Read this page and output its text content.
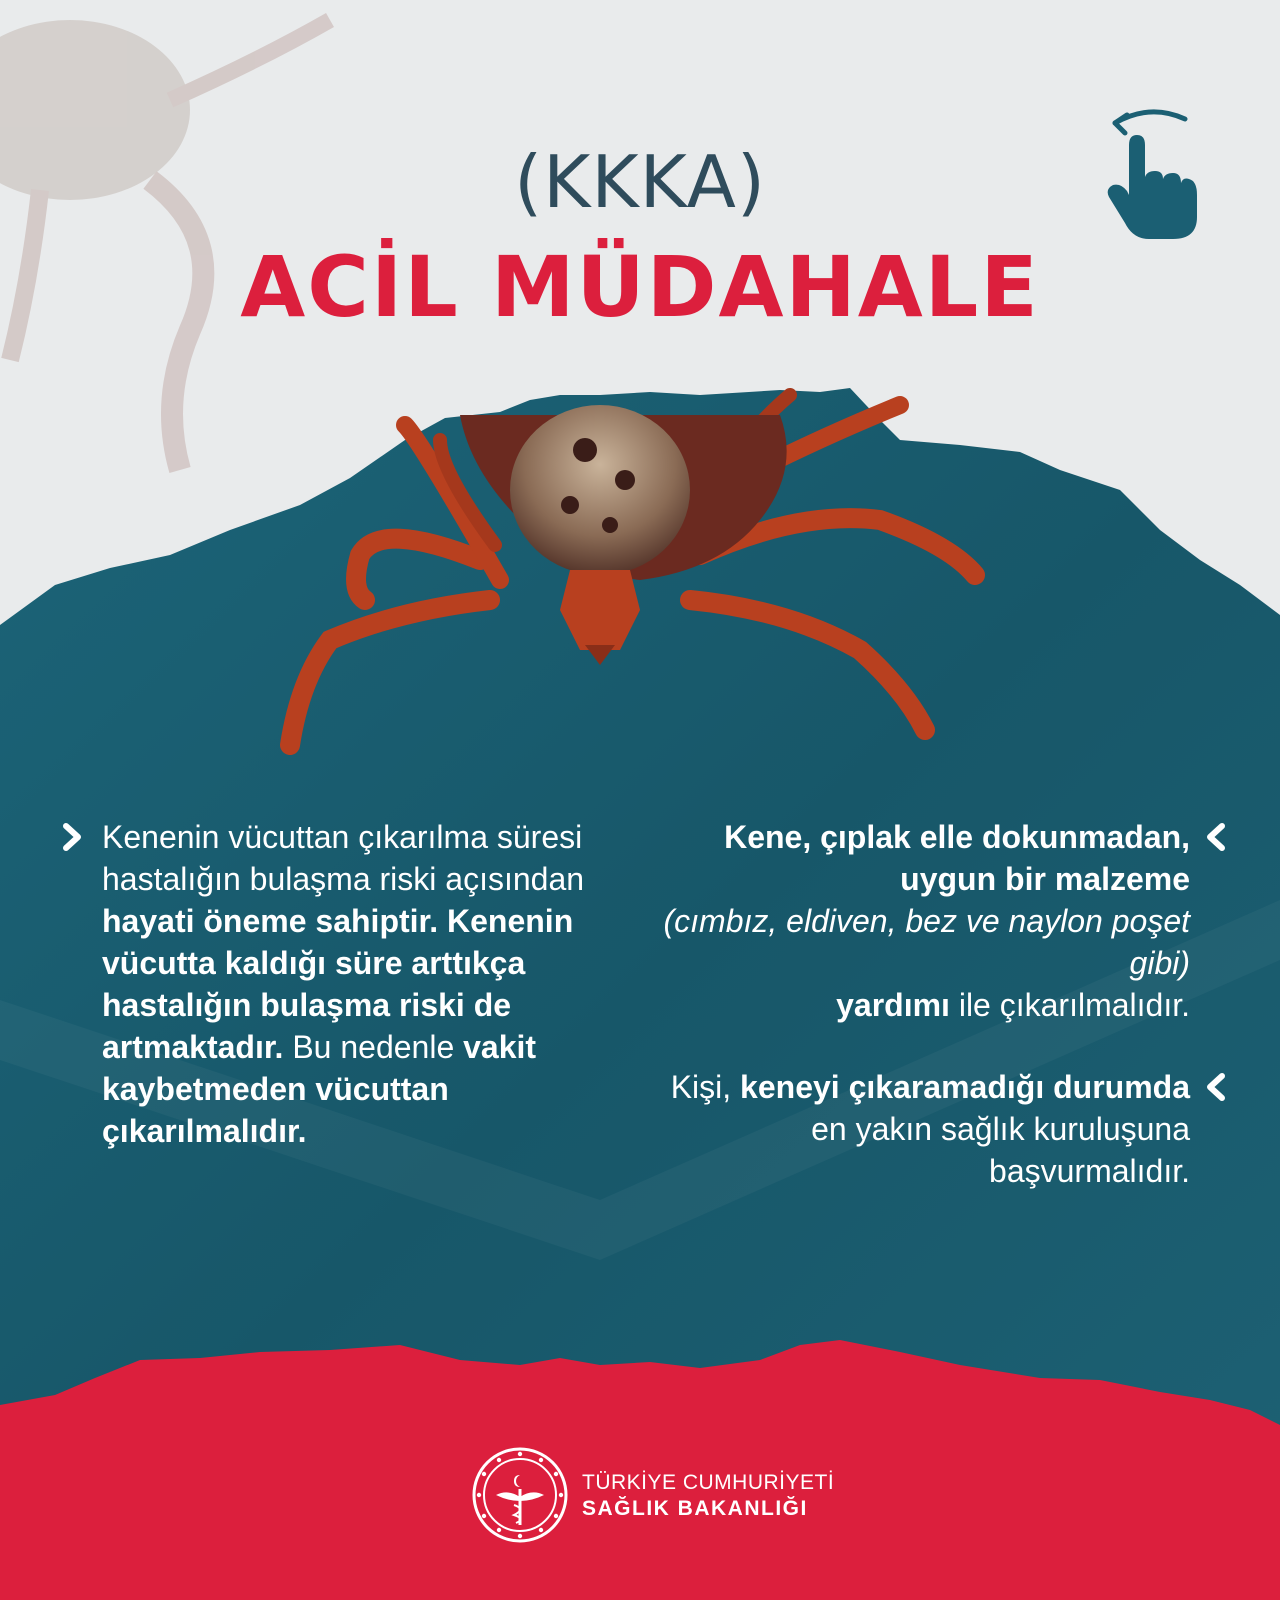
(KKKA)
ACİL MÜDAHALE
Kenenin vücuttan çıkarılma süresi hastalığın bulaşma riski açısından hayati öneme sahiptir. Kenenin vücutta kaldığı süre arttıkça hastalığın bulaşma riski de artmaktadır. Bu nedenle vakit kaybetmeden vücuttan çıkarılmalıdır.
Kene, çıplak elle dokunmadan, uygun bir malzeme
(cımbız, eldiven, bez ve naylon poşet gibi)
yardımı ile çıkarılmalıdır.
Kişi, keneyi çıkaramadığı durumda en yakın sağlık kuruluşuna başvurmalıdır.
TÜRKİYE CUMHURİYETİ
SAĞLIK BAKANLIĞI
